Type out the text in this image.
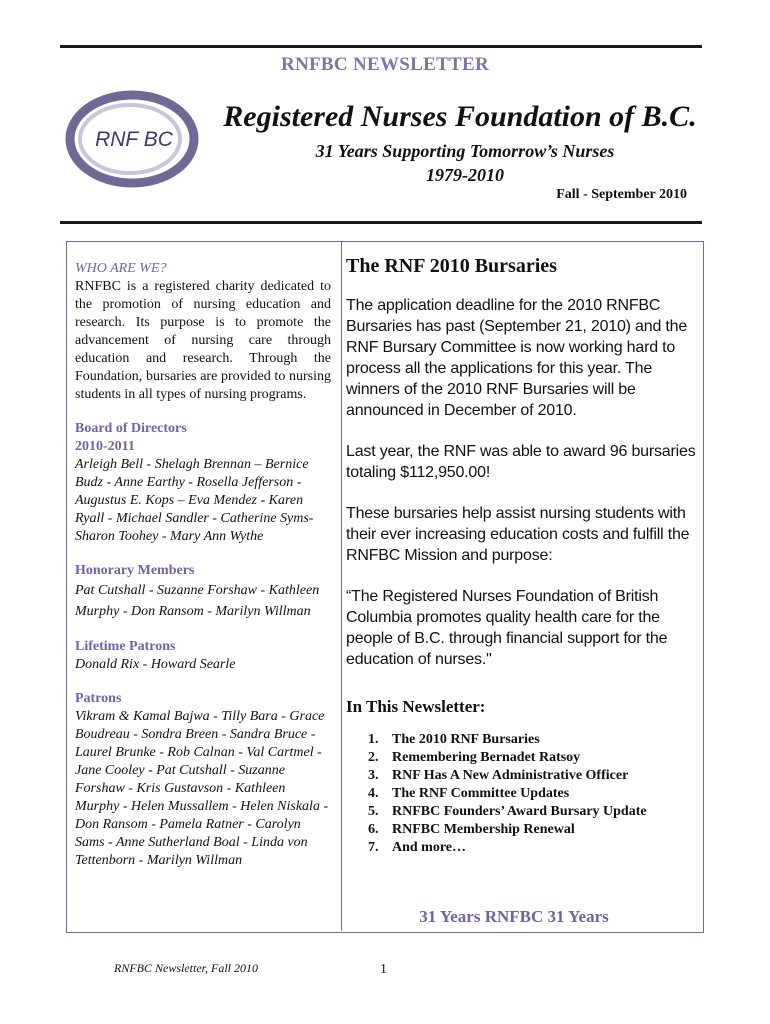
RNFBC NEWSLETTER
RNF BC
Registered Nurses Foundation of B.C.
31 Years Supporting Tomorrow’s Nurses
1979-2010
Fall - September 2010
WHO ARE WE?
RNFBC is a registered charity dedicated to the promotion of nursing education and research. Its purpose is to promote the advancement of nursing care through education and research. Through the Foundation, bursaries are provided to nursing students in all types of nursing programs.
Board of Directors
2010-2011
Arleigh Bell - Shelagh Brennan – Bernice Budz - Anne Earthy - Rosella Jefferson - Augustus E. Kops – Eva Mendez - Karen Ryall - Michael Sandler - Catherine Syms-Sharon Toohey - Mary Ann Wythe
Honorary Members
Pat Cutshall - Suzanne Forshaw - Kathleen Murphy - Don Ransom - Marilyn Willman
Lifetime Patrons
Donald Rix - Howard Searle
Patrons
Vikram & Kamal Bajwa - Tilly Bara - Grace Boudreau - Sondra Breen - Sandra Bruce - Laurel Brunke - Rob Calnan - Val Cartmel - Jane Cooley - Pat Cutshall - Suzanne Forshaw - Kris Gustavson - Kathleen Murphy - Helen Mussallem - Helen Niskala - Don Ransom - Pamela Ratner - Carolyn Sams - Anne Sutherland Boal - Linda von Tettenborn - Marilyn Willman
The RNF 2010 Bursaries

The application deadline for the 2010 RNFBC Bursaries has past (September 21, 2010) and the RNF Bursary Committee is now working hard to process all the applications for this year. The winners of the 2010 RNF Bursaries will be announced in December of 2010.

Last year, the RNF was able to award 96 bursaries totaling $112,950.00!

These bursaries help assist nursing students with their ever increasing education costs and fulfill the RNFBC Mission and purpose:

“The Registered Nurses Foundation of British Columbia promotes quality health care for the people of B.C. through financial support for the education of nurses."

In This Newsletter:
1. The 2010 RNF Bursaries
2. Remembering Bernadet Ratsoy
3. RNF Has A New Administrative Officer
4. The RNF Committee Updates
5. RNFBC Founders’ Award Bursary Update
6. RNFBC Membership Renewal
7. And more…
31 Years RNFBC 31 Years
RNFBC Newsletter, Fall 2010	1
